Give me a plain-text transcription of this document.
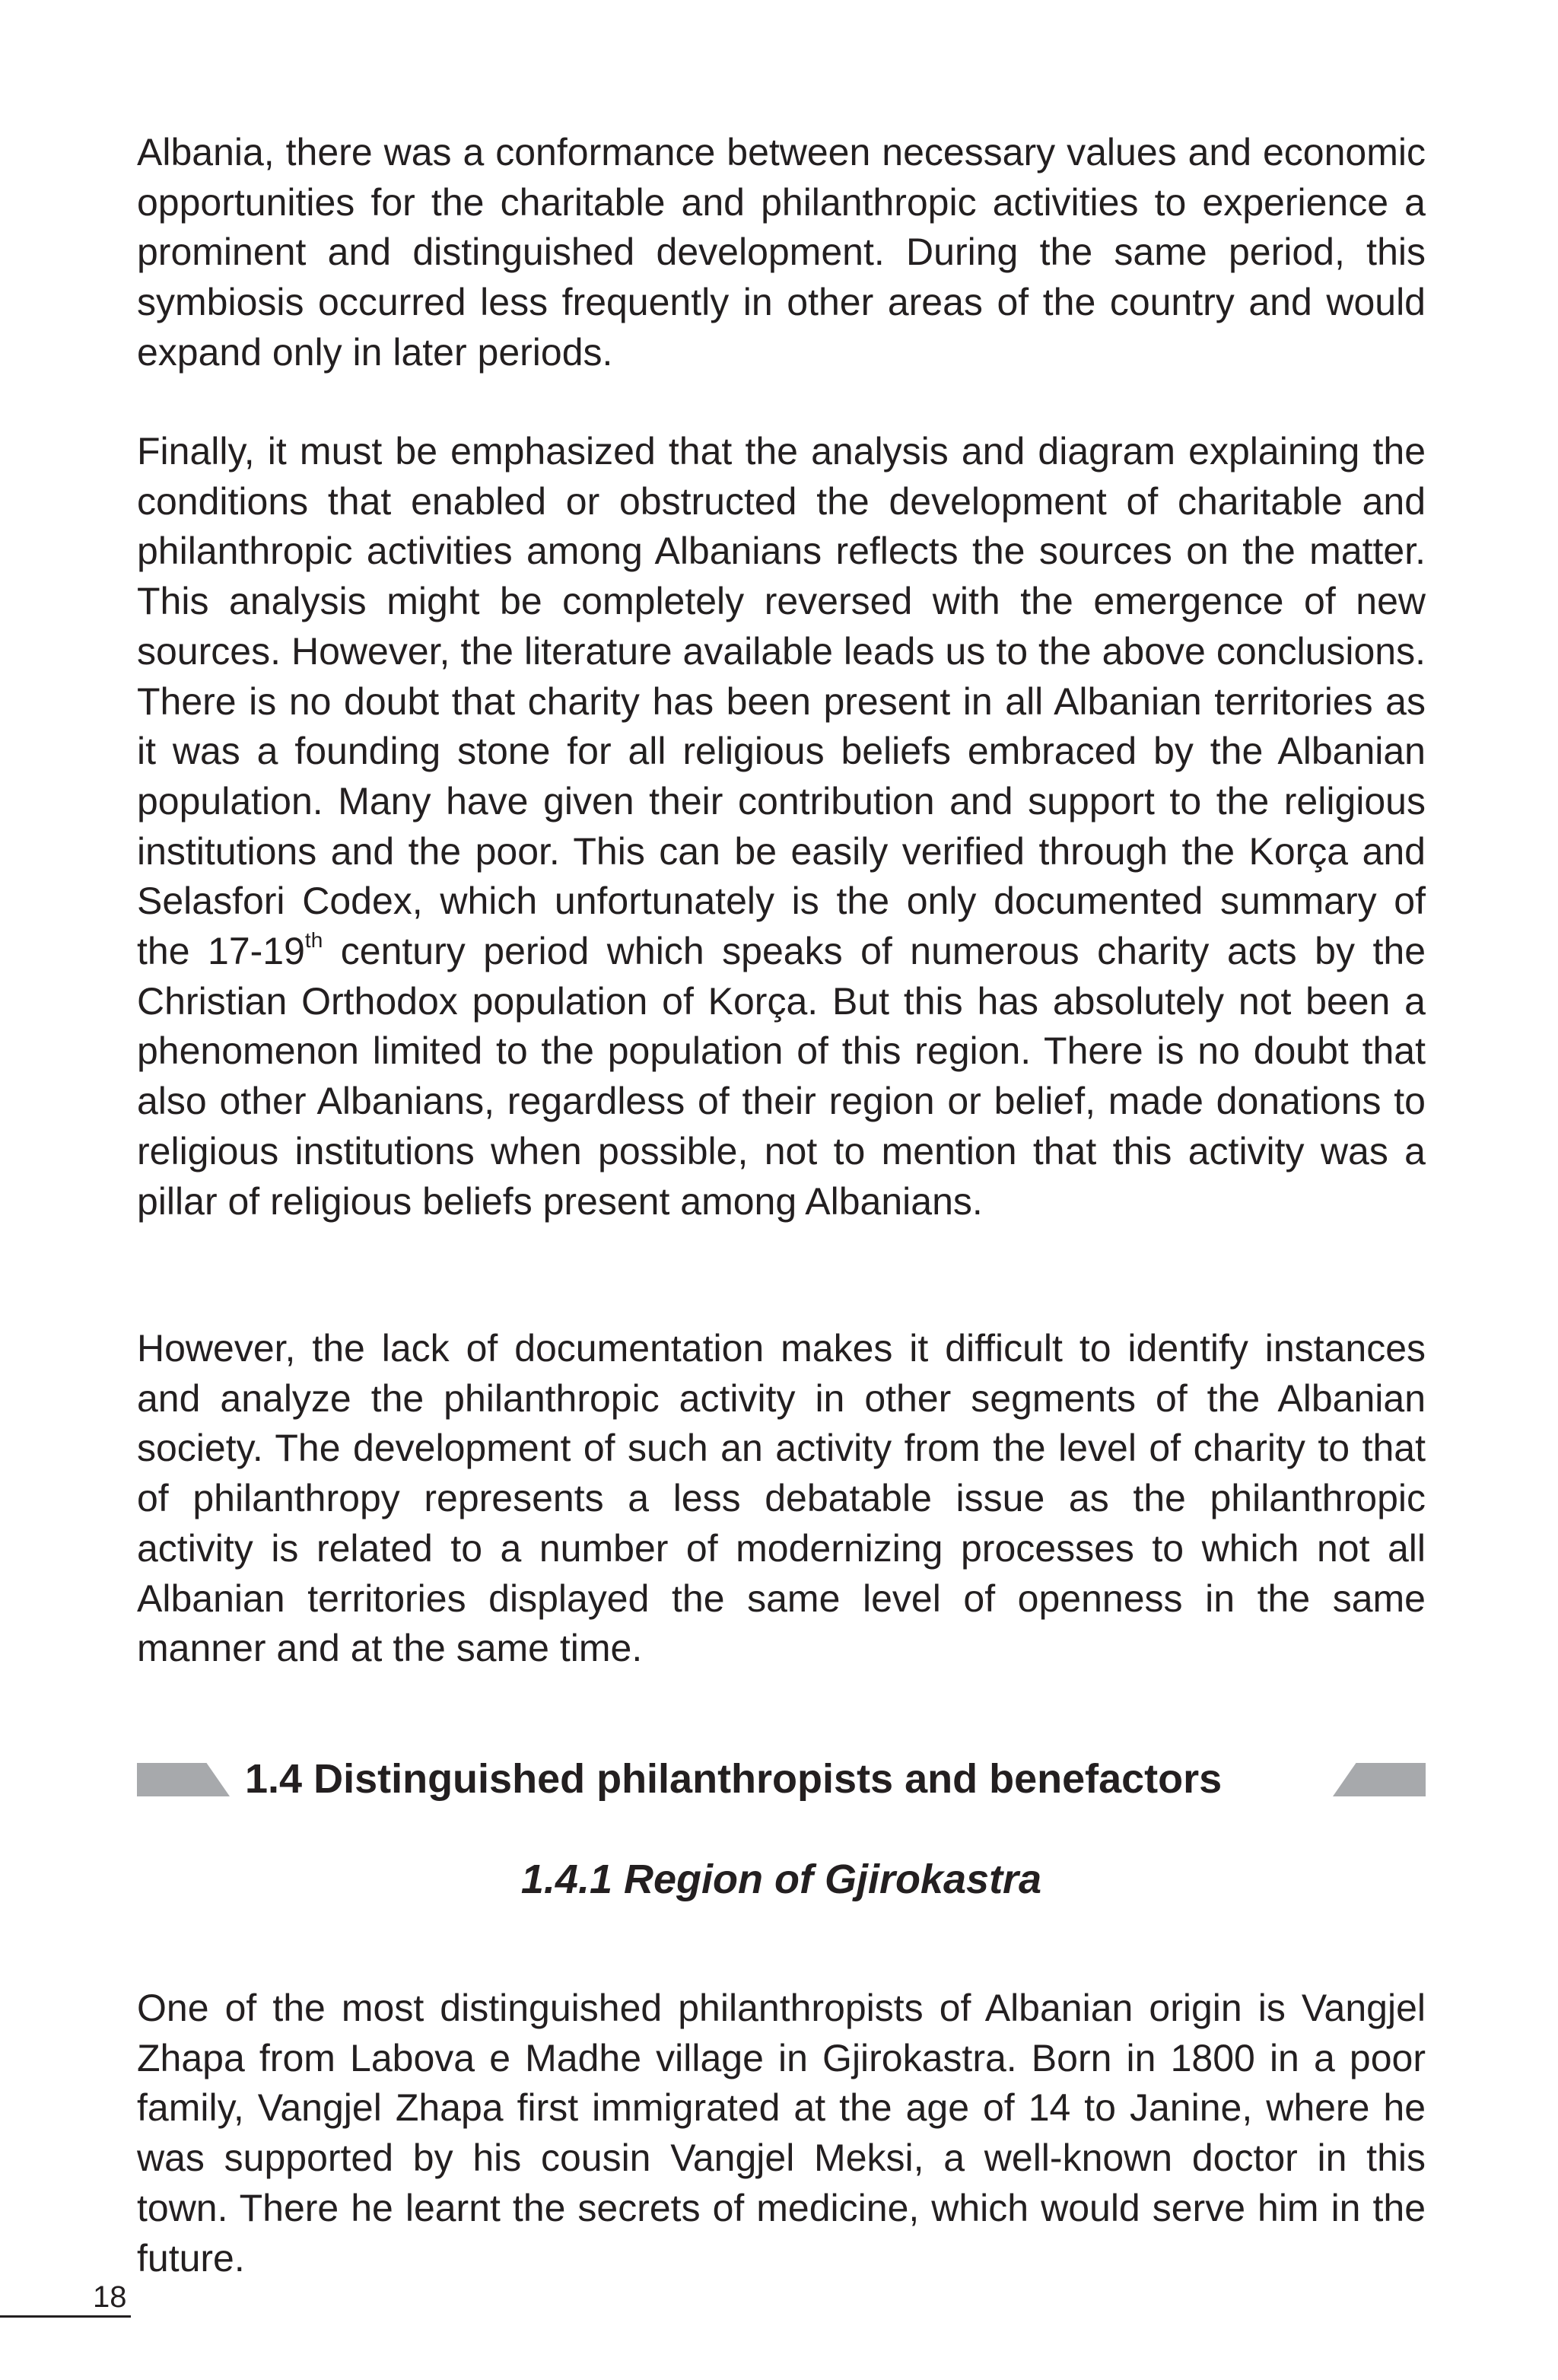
Albania, there was a conformance between necessary values and economic opportunities for the charitable and philanthropic activities to experience a prominent and distinguished development. During the same period, this symbiosis occurred less frequently in other areas of the country and would expand only in later periods.

Finally, it must be emphasized that the analysis and diagram explaining the conditions that enabled or obstructed the development of charitable and philanthropic activities among Albanians reflects the sources on the matter. This analysis might be completely reversed with the emergence of new sources. However, the literature available leads us to the above conclusions. There is no doubt that charity has been present in all Albanian territories as it was a founding stone for all religious beliefs embraced by the Albanian population. Many have given their contribution and support to the religious institutions and the poor. This can be easily verified through the Korça and Selasfori Codex, which unfortunately is the only documented summary of the 17-19th century period which speaks of numerous charity acts by the Christian Orthodox population of Korça. But this has absolutely not been a phenomenon limited to the population of this region. There is no doubt that also other Albanians, regardless of their region or belief, made donations to religious institutions when possible, not to mention that this activity was a pillar of religious beliefs present among Albanians.

However, the lack of documentation makes it difficult to identify instances and analyze the philanthropic activity in other segments of the Albanian society. The development of such an activity from the level of charity to that of philanthropy represents a less debatable issue as the philanthropic activity is related to a number of modernizing processes to which not all Albanian territories displayed the same level of openness in the same manner and at the same time.

1.4 Distinguished philanthropists and benefactors

1.4.1 Region of Gjirokastra

One of the most distinguished philanthropists of Albanian origin is Vangjel Zhapa from Labova e Madhe village in Gjirokastra. Born in 1800 in a poor family, Vangjel Zhapa first immigrated at the age of 14 to Janine, where he was supported by his cousin Vangjel Meksi, a well-known doctor in this town. There he learnt the secrets of medicine, which would serve him in the future.

18
